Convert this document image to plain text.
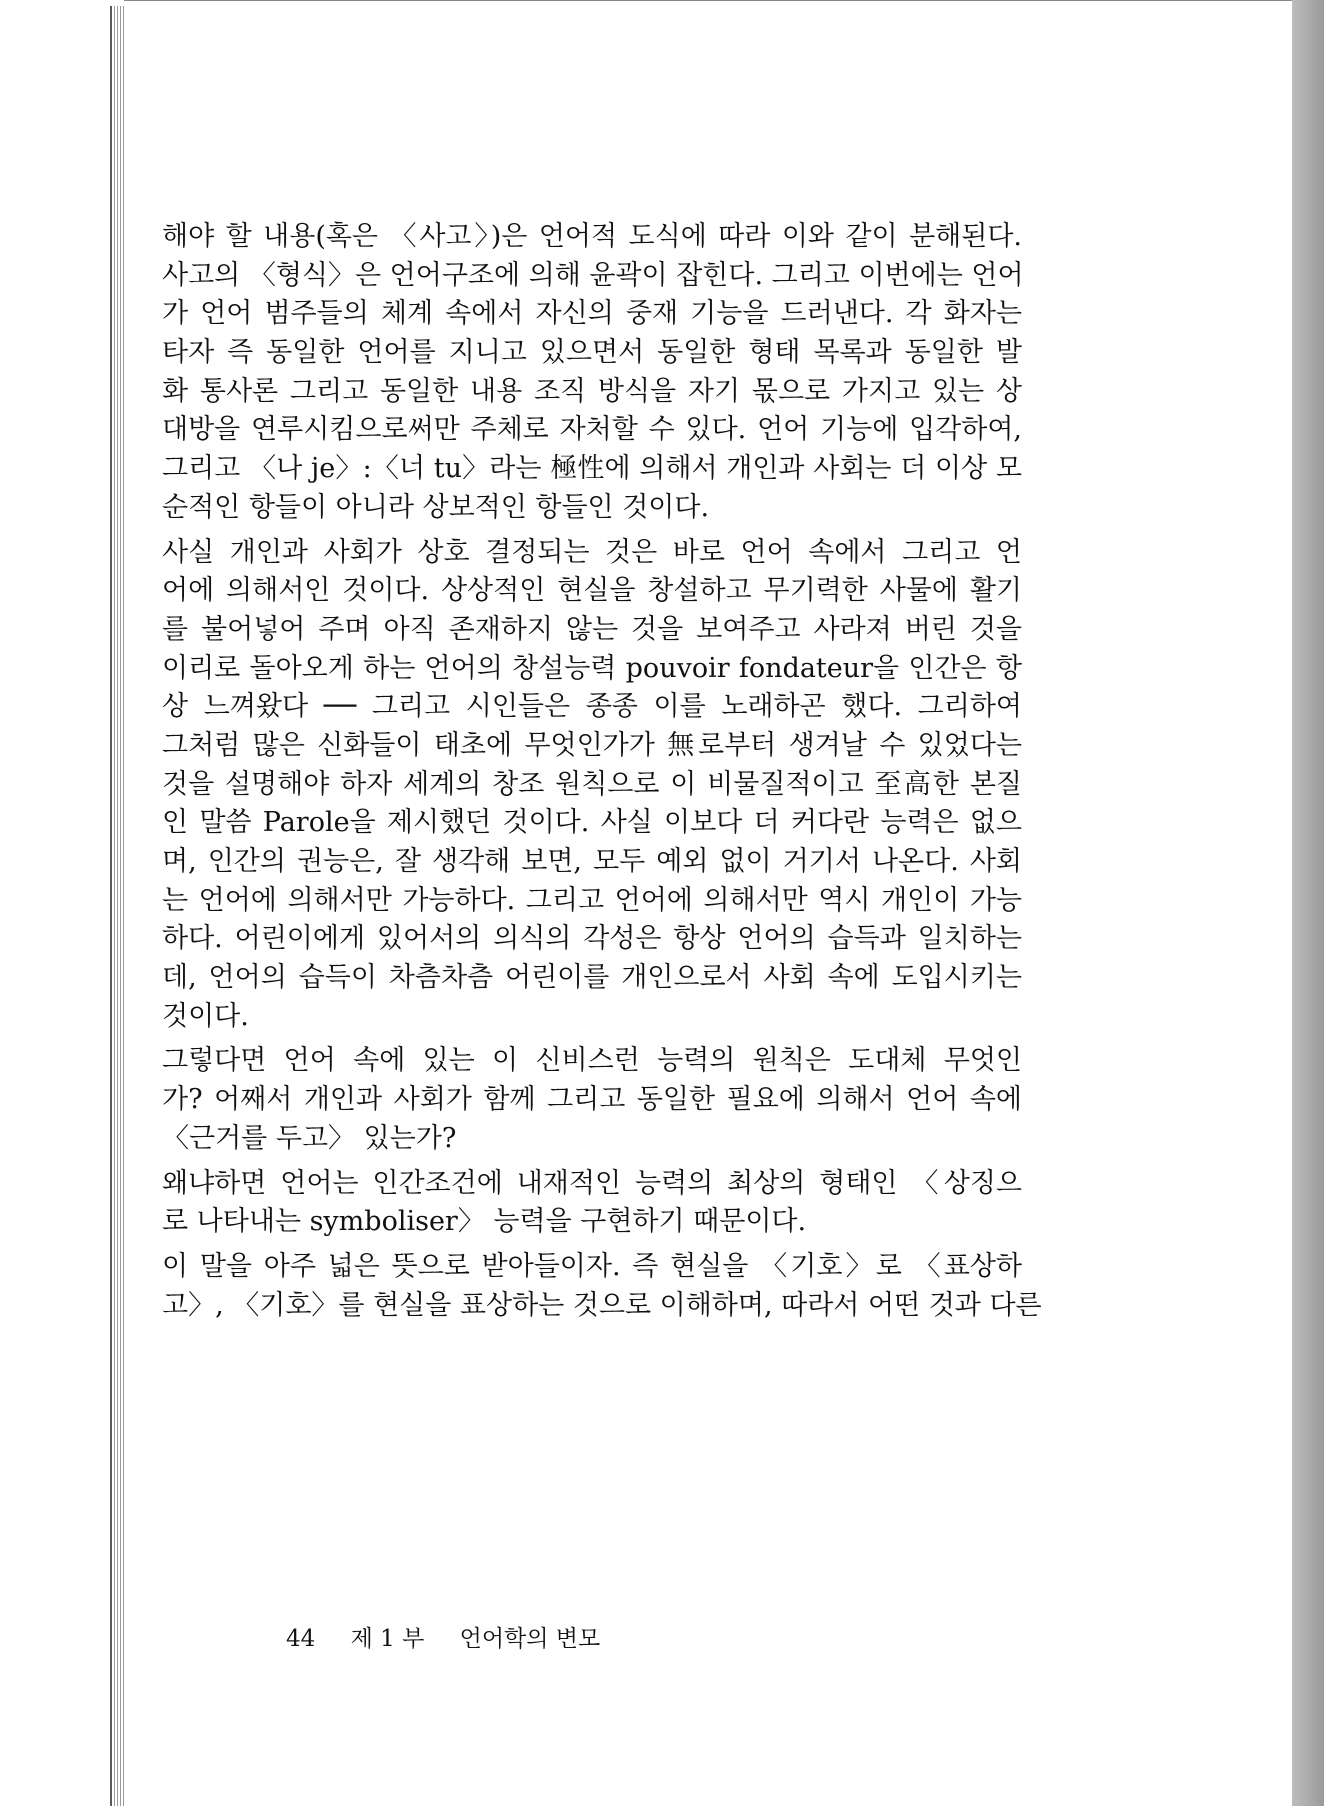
해야 할 내용(혹은 〈사고〉)은 언어적 도식에 따라 이와 같이 분해된다.
사고의 〈형식〉은 언어구조에 의해 윤곽이 잡힌다. 그리고 이번에는 언어
가 언어 범주들의 체계 속에서 자신의 중재 기능을 드러낸다. 각 화자는
타자 즉 동일한 언어를 지니고 있으면서 동일한 형태 목록과 동일한 발
화 통사론 그리고 동일한 내용 조직 방식을 자기 몫으로 가지고 있는 상
대방을 연루시킴으로써만 주체로 자처할 수 있다. 언어 기능에 입각하여,
그리고 〈나 je〉:〈너 tu〉라는 極性에 의해서 개인과 사회는 더 이상 모
순적인 항들이 아니라 상보적인 항들인 것이다.
사실 개인과 사회가 상호 결정되는 것은 바로 언어 속에서 그리고 언
어에 의해서인 것이다. 상상적인 현실을 창설하고 무기력한 사물에 활기
를 불어넣어 주며 아직 존재하지 않는 것을 보여주고 사라져 버린 것을
이리로 돌아오게 하는 언어의 창설능력 pouvoir fondateur을 인간은 항
상 느껴왔다 ── 그리고 시인들은 종종 이를 노래하곤 했다. 그리하여
그처럼 많은 신화들이 태초에 무엇인가가 無로부터 생겨날 수 있었다는
것을 설명해야 하자 세계의 창조 원칙으로 이 비물질적이고 至高한 본질
인 말씀 Parole을 제시했던 것이다. 사실 이보다 더 커다란 능력은 없으
며, 인간의 권능은, 잘 생각해 보면, 모두 예외 없이 거기서 나온다. 사회
는 언어에 의해서만 가능하다. 그리고 언어에 의해서만 역시 개인이 가능
하다. 어린이에게 있어서의 의식의 각성은 항상 언어의 습득과 일치하는
데, 언어의 습득이 차츰차츰 어린이를 개인으로서 사회 속에 도입시키는
것이다.
그렇다면 언어 속에 있는 이 신비스런 능력의 원칙은 도대체 무엇인
가? 어째서 개인과 사회가 함께 그리고 동일한 필요에 의해서 언어 속에
〈근거를 두고〉 있는가?
왜냐하면 언어는 인간조건에 내재적인 능력의 최상의 형태인 〈상징으
로 나타내는 symboliser〉 능력을 구현하기 때문이다.
이 말을 아주 넓은 뜻으로 받아들이자. 즉 현실을 〈기호〉로 〈표상하
고〉, 〈기호〉를 현실을 표상하는 것으로 이해하며, 따라서 어떤 것과 다른
44 제 1 부 언어학의 변모
